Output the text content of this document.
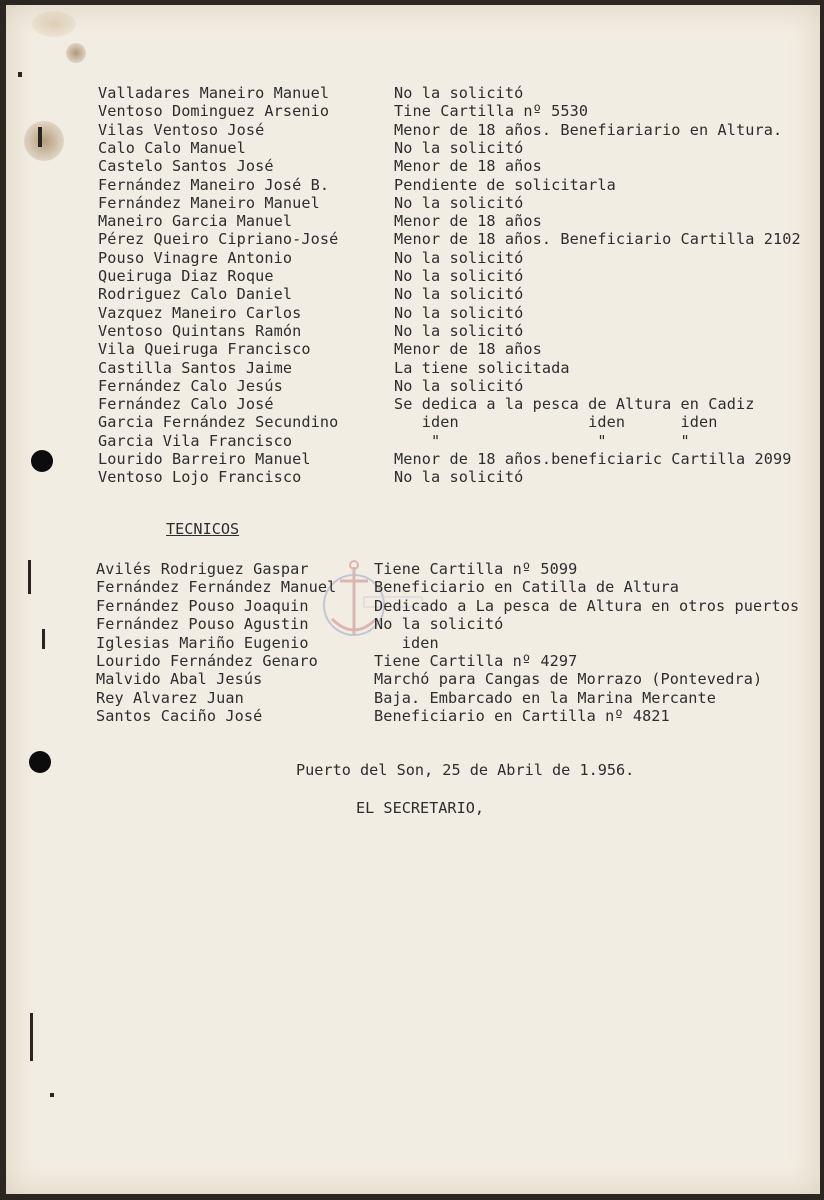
Valladares Maneiro Manuel	No la solicitó
Ventoso Dominguez Arsenio	Tine Cartilla nº 5530
Vilas Ventoso José	Menor de 18 años. Benefiariario en Altura.
Calo Calo Manuel	No la solicitó
Castelo Santos José	Menor de 18 años
Fernández Maneiro José B.	Pendiente de solicitarla
Fernández Maneiro Manuel	No la solicitó
Maneiro Garcia Manuel	Menor de 18 años
Pérez Queiro Cipriano-José	Menor de 18 años. Beneficiario Cartilla 2102
Pouso Vinagre Antonio	No la solicitó
Queiruga Diaz Roque	No la solicitó
Rodriguez Calo Daniel	No la solicitó
Vazquez Maneiro Carlos	No la solicitó
Ventoso Quintans Ramón	No la solicitó
Vila Queiruga Francisco	Menor de 18 años
Castilla Santos Jaime	La tiene solicitada
Fernández Calo Jesús	No la solicitó
Fernández Calo José	Se dedica a la pesca de Altura en Cadiz
Garcia Fernández Secundino	iden              iden      iden
Garcia Vila Francisco	"                 "        "
Lourido Barreiro Manuel	Menor de 18 años.beneficiaric Cartilla 2099
Ventoso Lojo Francisco	No la solicitó
TECNICOS
Avilés Rodriguez Gaspar	Tiene Cartilla nº 5099
Fernández Fernández Manuel Beneficiario en Catilla de Altura
Fernández Pouso Joaquin	Dedicado a La pesca de Altura en otros puertos
Fernández Pouso Agustin	No la solicitó
Iglesias Mariño Eugenio	iden
Lourido Fernández Genaro	Tiene Cartilla nº 4297
Malvido Abal Jesús	Marchó para Cangas de Morrazo (Pontevedra)
Rey Alvarez Juan	Baja. Embarcado en la Marina Mercante
Santos Caciño José	Beneficiario en Cartilla nº 4821
Puerto del Son, 25 de Abril de 1.956.
EL SECRETARIO,
